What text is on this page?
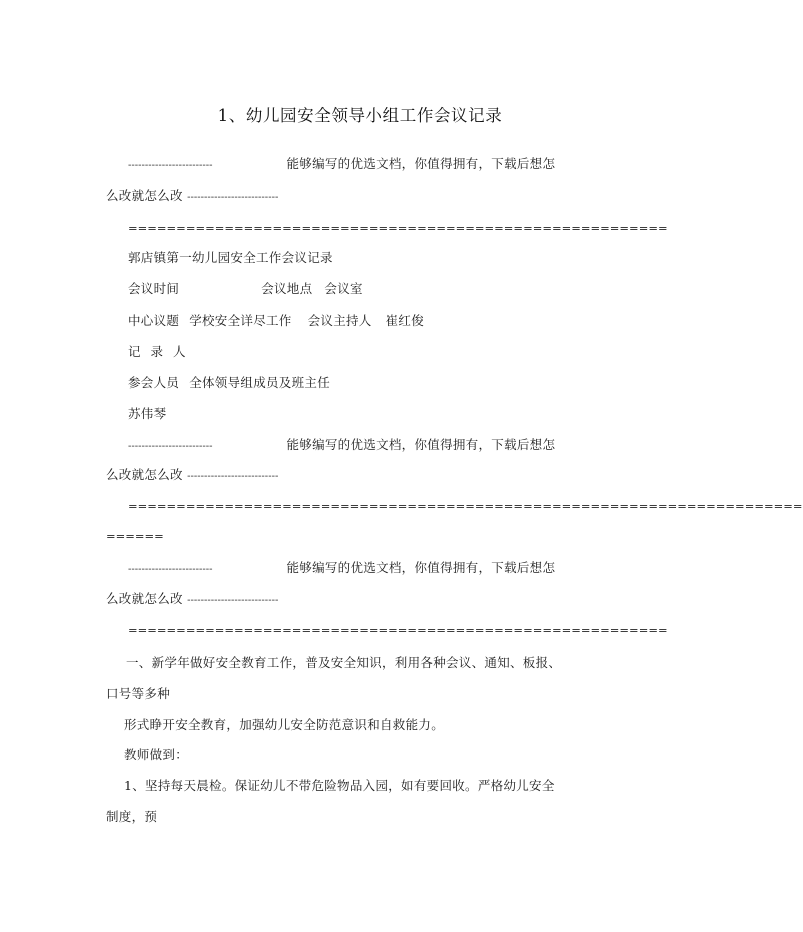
1、幼儿园安全领导小组工作会议记录
-------------------------	能够编写的优选文档，你值得拥有，下载后想怎
么改就怎么改 ---------------------------
========================================================
郭店镇第一幼儿园安全工作会议记录
会议时间	会议地点 会议室
中心议题 学校安全详尽工作 会议主持人 崔红俊
记 录 人
参会人员 全体领导组成员及班主任
苏伟琴
-------------------------	能够编写的优选文档，你值得拥有，下载后想怎
么改就怎么改 ---------------------------
======================================================================
======
-------------------------	能够编写的优选文档，你值得拥有，下载后想怎
么改就怎么改 ---------------------------
========================================================
一、新学年做好安全教育工作，普及安全知识，利用各种会议、通知、板报、
口号等多种
形式睁开安全教育，加强幼儿安全防范意识和自救能力。
教师做到：
1、坚持每天晨检。保证幼儿不带危险物品入园，如有要回收。严格幼儿安全
制度，预
